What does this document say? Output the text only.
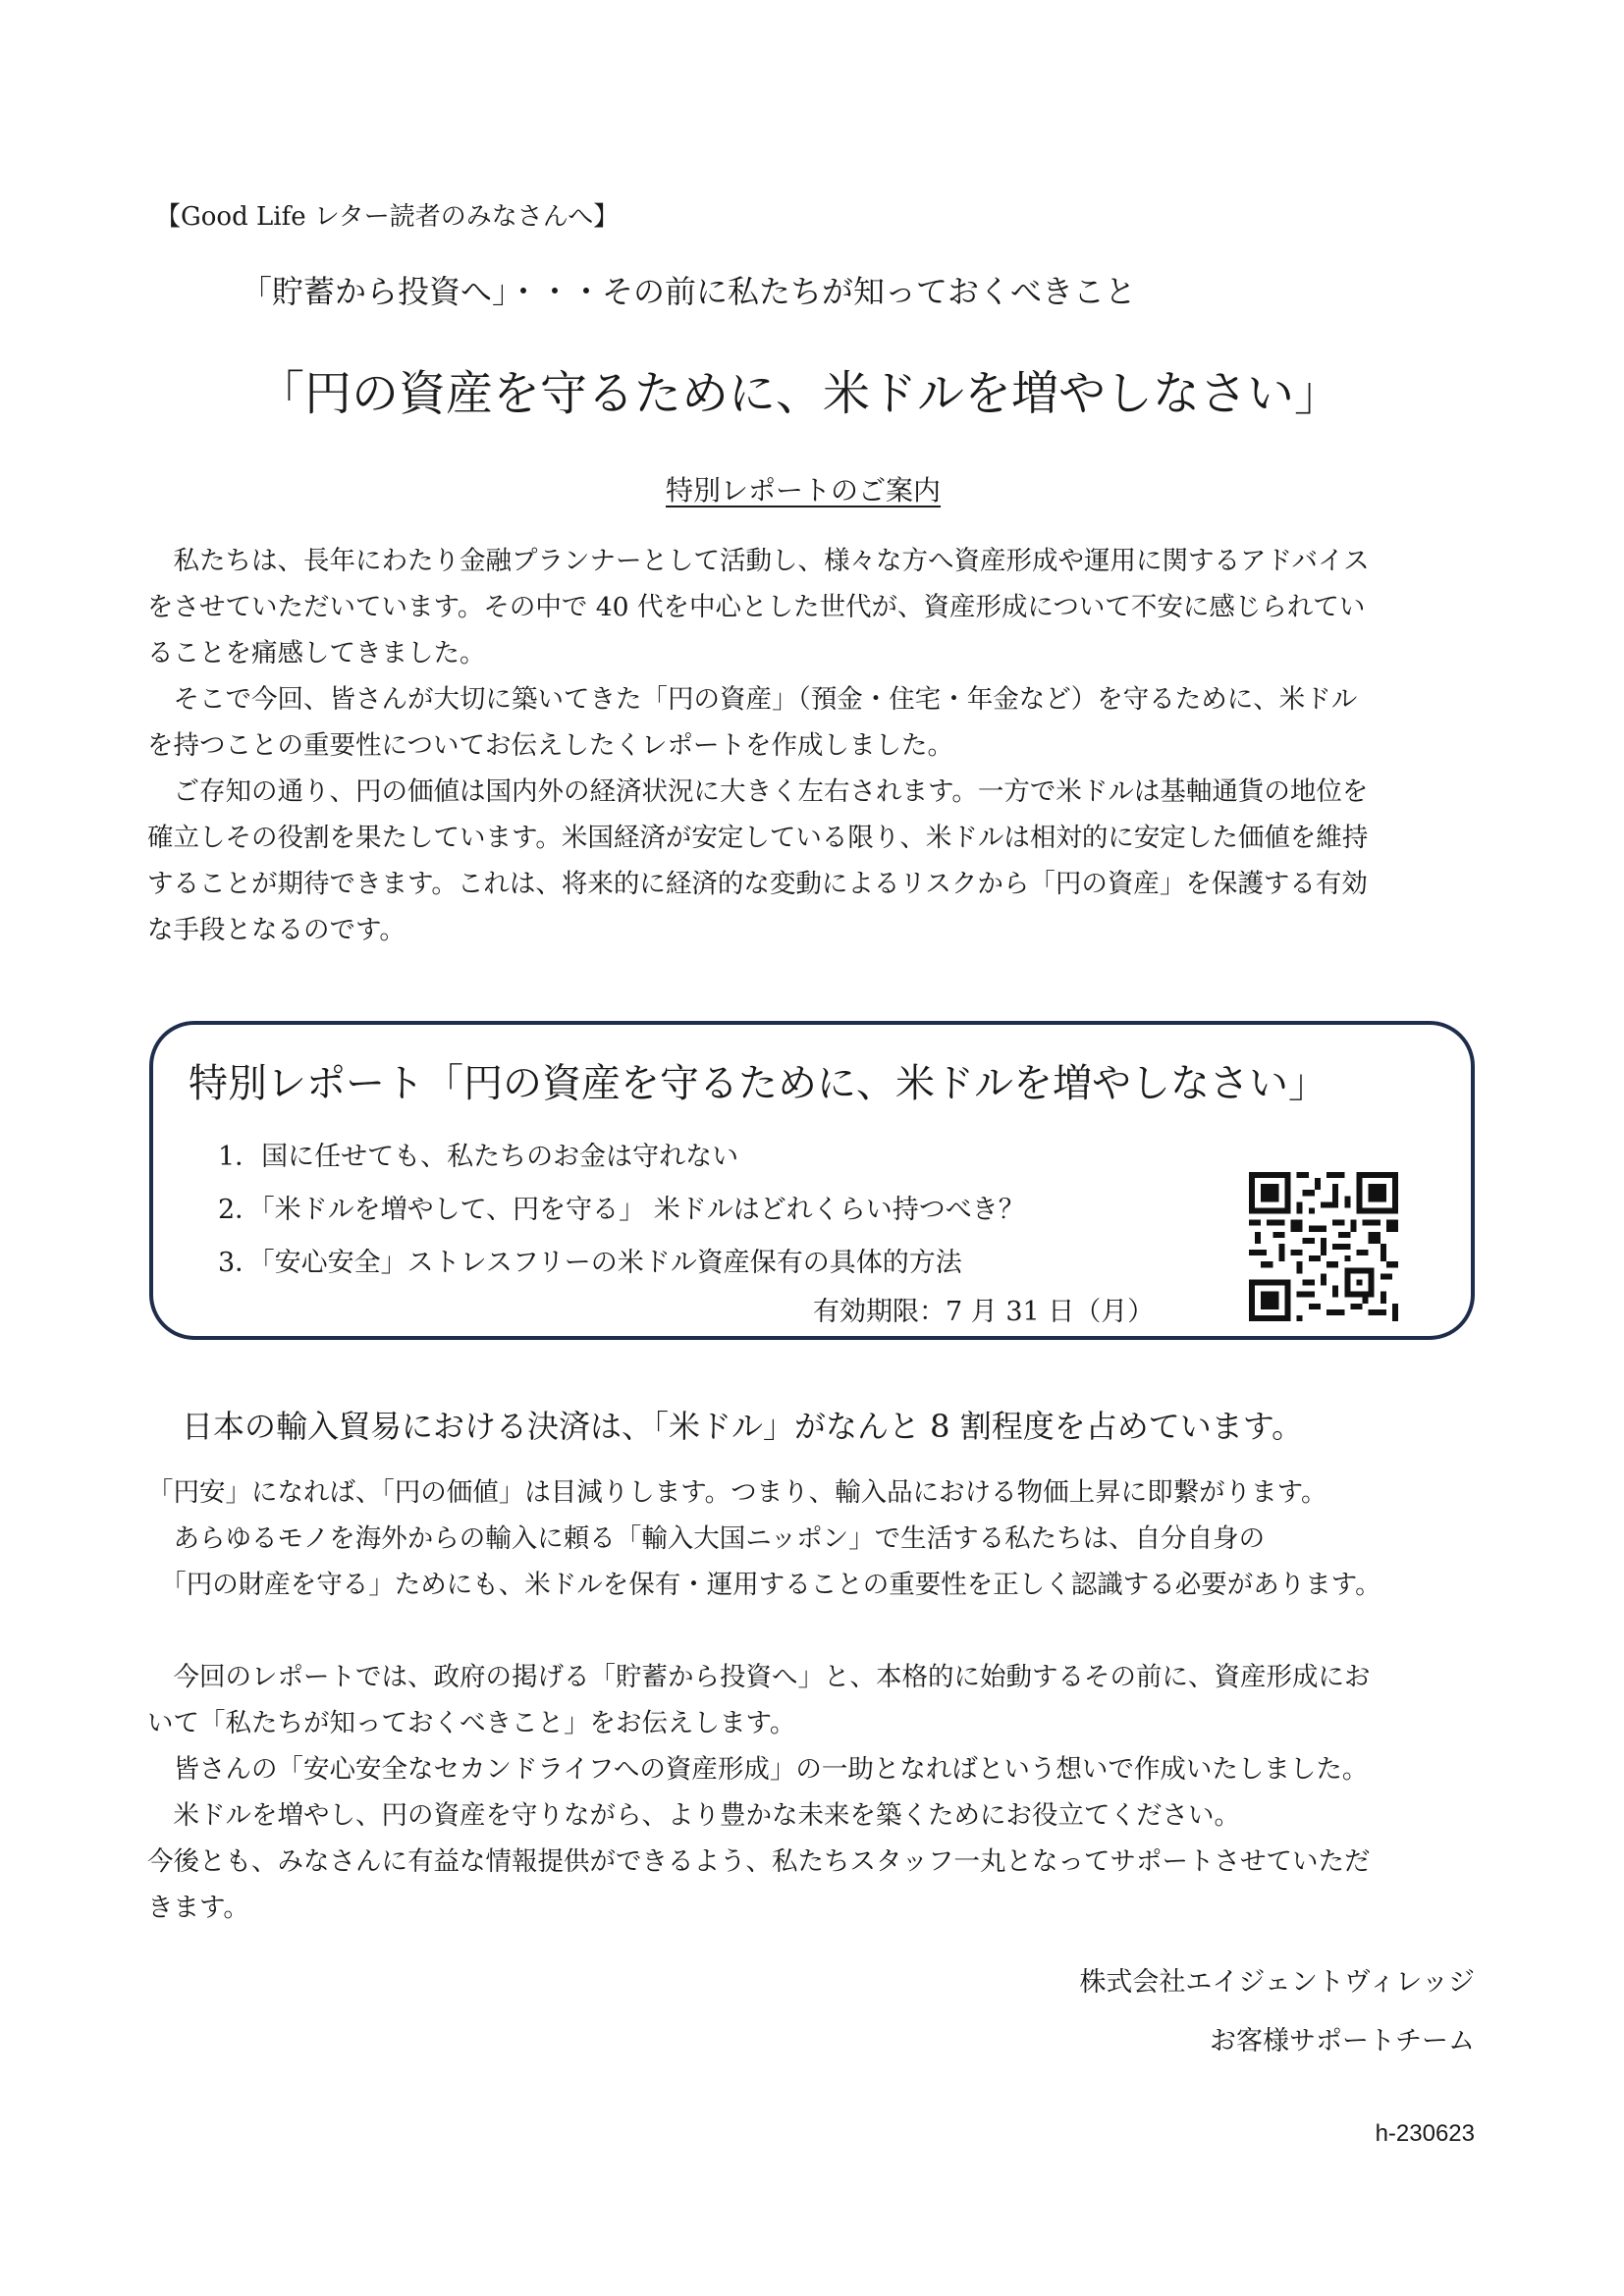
【Good Life レター読者のみなさんへ】
「貯蓄から投資へ」・・・その前に私たちが知っておくべきこと
「円の資産を守るために、米ドルを増やしなさい」
特別レポートのご案内

　私たちは、長年にわたり金融プランナーとして活動し、様々な方へ資産形成や運用に関するアドバイス

をさせていただいています。その中で 40 代を中心とした世代が、資産形成について不安に感じられてい

ることを痛感してきました。

　そこで今回、皆さんが大切に築いてきた「円の資産」（預金・住宅・年金など）を守るために、米ドル

を持つことの重要性についてお伝えしたくレポートを作成しました。

　ご存知の通り、円の価値は国内外の経済状況に大きく左右されます。一方で米ドルは基軸通貨の地位を

確立しその役割を果たしています。米国経済が安定している限り、米ドルは相対的に安定した価値を維持

することが期待できます。これは、将来的に経済的な変動によるリスクから「円の資産」を保護する有効

な手段となるのです。

特別レポート「円の資産を守るために、米ドルを増やしなさい」
1．国に任せても、私たちのお金は守れない
2．「米ドルを増やして、円を守る」 米ドルはどれくらい持つべき？
3．「安心安全」ストレスフリーの米ドル資産保有の具体的方法
有効期限：7 月 31 日（月）
日本の輸入貿易における決済は、「米ドル」がなんと 8 割程度を占めています。

「円安」になれば、「円の価値」は目減りします。つまり、輸入品における物価上昇に即繋がります。

　あらゆるモノを海外からの輸入に頼る「輸入大国ニッポン」で生活する私たちは、自分自身の

　「円の財産を守る」ためにも、米ドルを保有・運用することの重要性を正しく認識する必要があります。

　今回のレポートでは、政府の掲げる「貯蓄から投資へ」と、本格的に始動するその前に、資産形成にお

いて「私たちが知っておくべきこと」をお伝えします。

　皆さんの「安心安全なセカンドライフへの資産形成」の一助となればという想いで作成いたしました。

　米ドルを増やし、円の資産を守りながら、より豊かな未来を築くためにお役立てください。

今後とも、みなさんに有益な情報提供ができるよう、私たちスタッフ一丸となってサポートさせていただ

きます。

株式会社エイジェントヴィレッジ
お客様サポートチーム
h-230623
